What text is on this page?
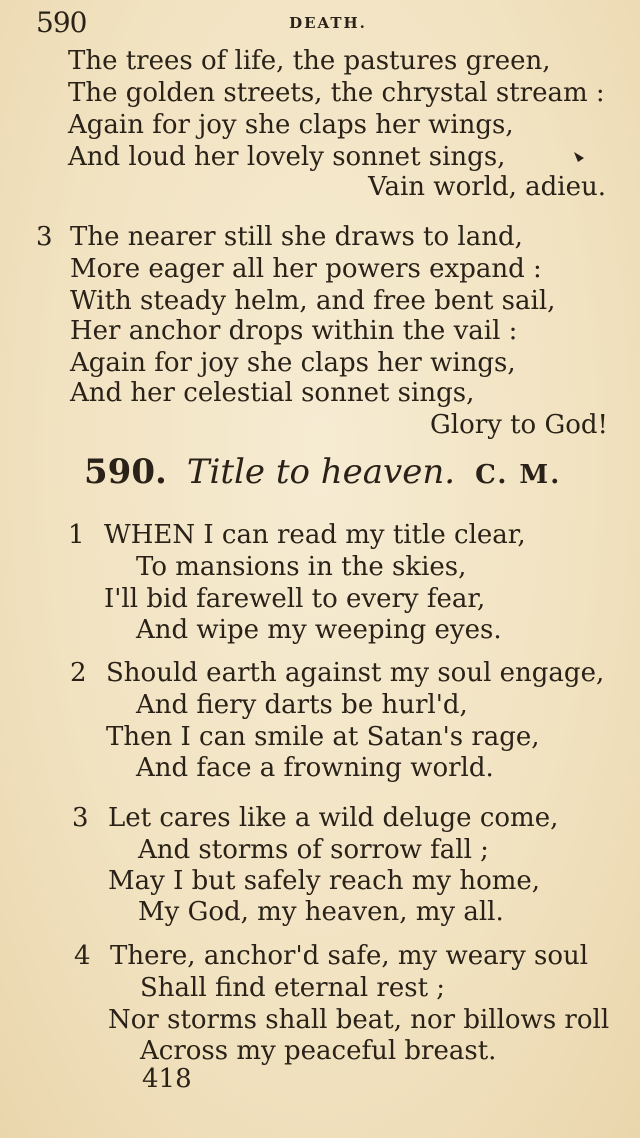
590	DEATH.
The trees of life, the pastures green,
The golden streets, the chrystal stream :
Again for joy she claps her wings,
And loud her lovely sonnet sings,
Vain world, adieu.
3 The nearer still she draws to land,
More eager all her powers expand :
With steady helm, and free bent sail,
Her anchor drops within the vail :
Again for joy she claps her wings,
And her celestial sonnet sings,
Glory to God!
590. Title to heaven. C. M.
1 WHEN I can read my title clear,
To mansions in the skies,
I'll bid farewell to every fear,
And wipe my weeping eyes.
2 Should earth against my soul engage,
And fiery darts be hurl'd,
Then I can smile at Satan's rage,
And face a frowning world.
3 Let cares like a wild deluge come,
And storms of sorrow fall ;
May I but safely reach my home,
My God, my heaven, my all.
4 There, anchor'd safe, my weary soul
Shall find eternal rest ;
Nor storms shall beat, nor billows roll
Across my peaceful breast.
418
